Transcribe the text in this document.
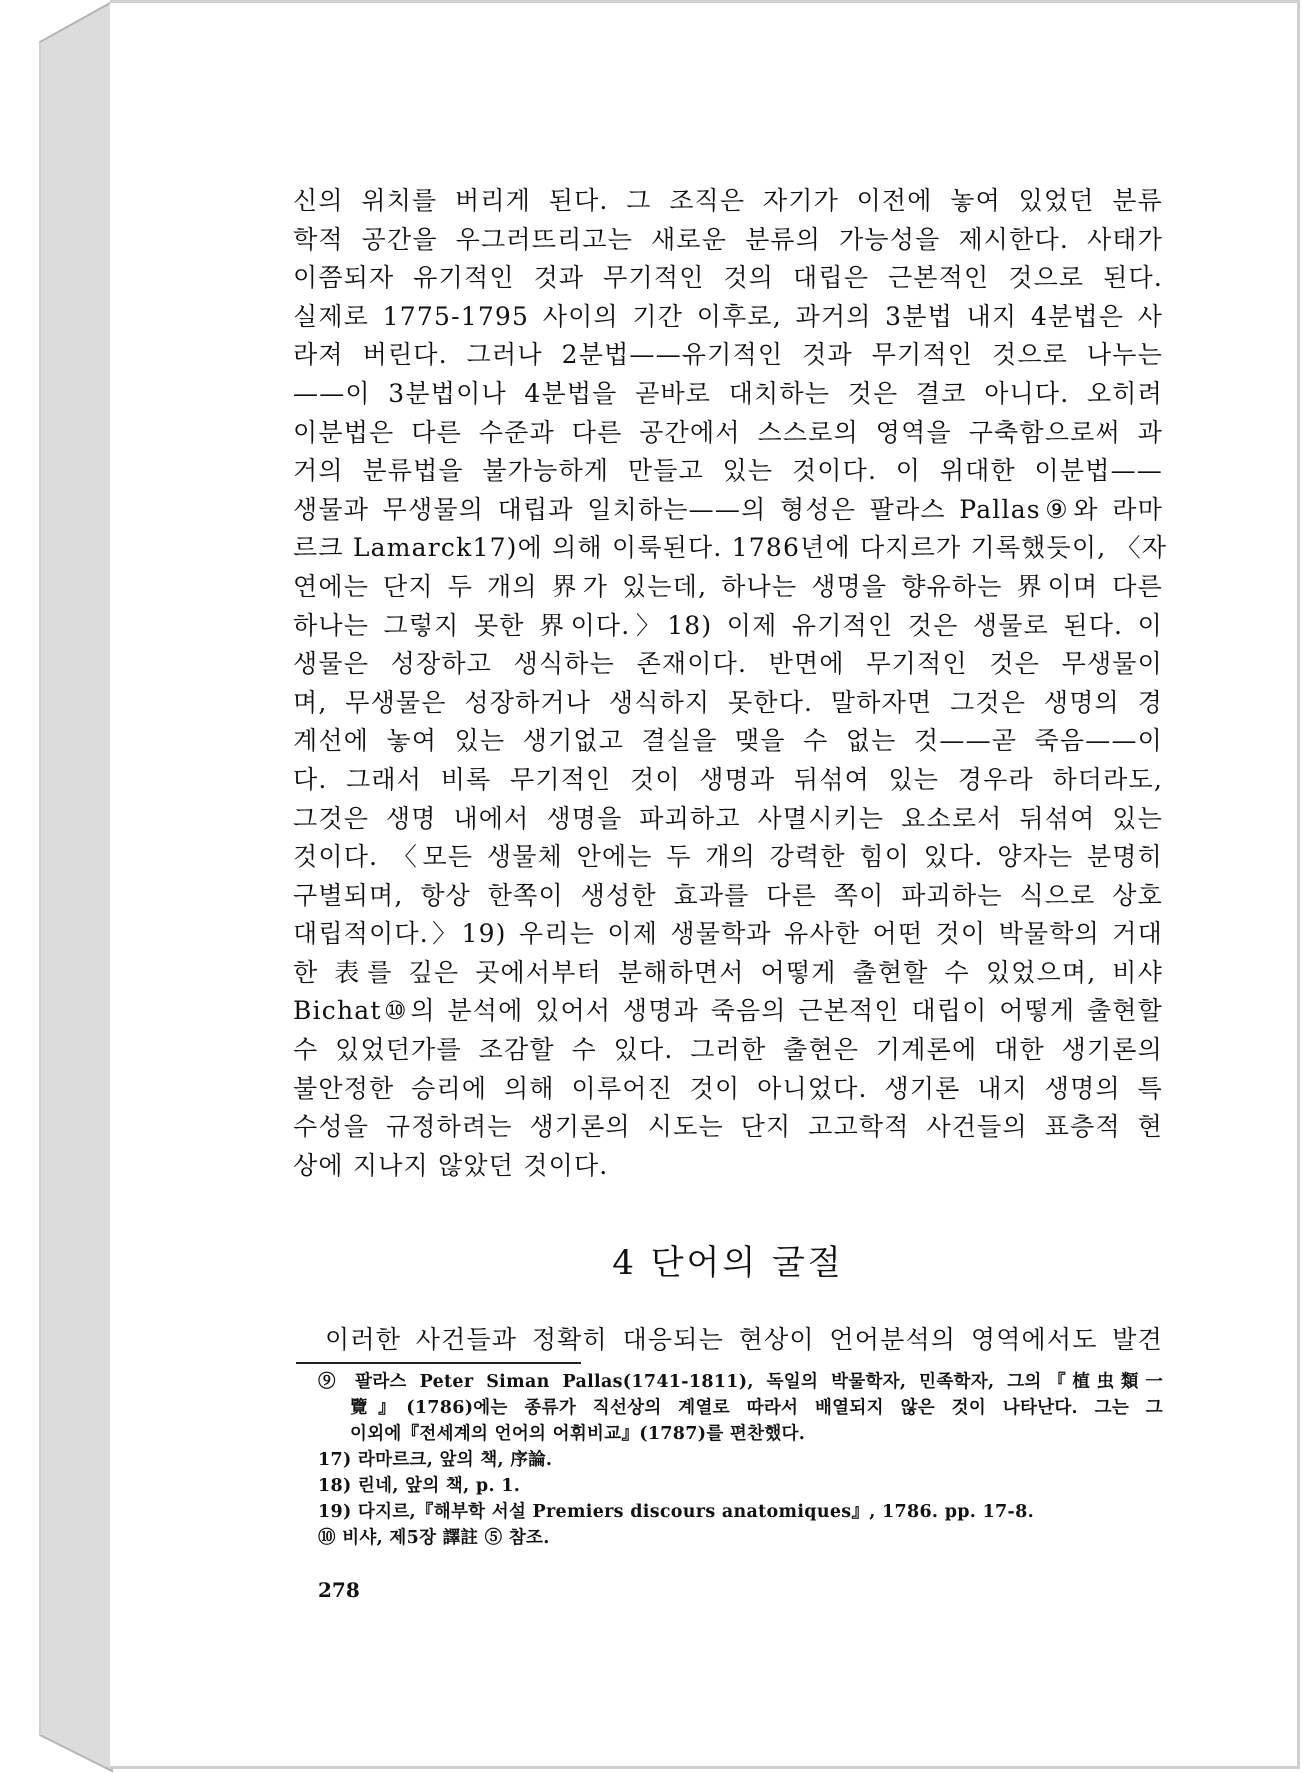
신의 위치를 버리게 된다. 그 조직은 자기가 이전에 놓여 있었던 분류
학적 공간을 우그러뜨리고는 새로운 분류의 가능성을 제시한다. 사태가
이쯤되자 유기적인 것과 무기적인 것의 대립은 근본적인 것으로 된다.
실제로 1775-1795 사이의 기간 이후로, 과거의 3분법 내지 4분법은 사
라져 버린다. 그러나 2분법——유기적인 것과 무기적인 것으로 나누는
——이 3분법이나 4분법을 곧바로 대치하는 것은 결코 아니다. 오히려
이분법은 다른 수준과 다른 공간에서 스스로의 영역을 구축함으로써 과
거의 분류법을 불가능하게 만들고 있는 것이다. 이 위대한 이분법——
생물과 무생물의 대립과 일치하는——의 형성은 팔라스 Pallas⑨와 라마
르크 Lamarck17)에 의해 이룩된다. 1786년에 다지르가 기록했듯이, 〈자
연에는 단지 두 개의 界가 있는데, 하나는 생명을 향유하는 界이며 다른
하나는 그렇지 못한 界이다.〉18) 이제 유기적인 것은 생물로 된다. 이
생물은 성장하고 생식하는 존재이다. 반면에 무기적인 것은 무생물이
며, 무생물은 성장하거나 생식하지 못한다. 말하자면 그것은 생명의 경
계선에 놓여 있는 생기없고 결실을 맺을 수 없는 것——곧 죽음——이
다. 그래서 비록 무기적인 것이 생명과 뒤섞여 있는 경우라 하더라도,
그것은 생명 내에서 생명을 파괴하고 사멸시키는 요소로서 뒤섞여 있는
것이다. 〈모든 생물체 안에는 두 개의 강력한 힘이 있다. 양자는 분명히
구별되며, 항상 한쪽이 생성한 효과를 다른 쪽이 파괴하는 식으로 상호
대립적이다.〉19) 우리는 이제 생물학과 유사한 어떤 것이 박물학의 거대
한 表를 깊은 곳에서부터 분해하면서 어떻게 출현할 수 있었으며, 비샤
Bichat⑩의 분석에 있어서 생명과 죽음의 근본적인 대립이 어떻게 출현할
수 있었던가를 조감할 수 있다. 그러한 출현은 기계론에 대한 생기론의
불안정한 승리에 의해 이루어진 것이 아니었다. 생기론 내지 생명의 특
수성을 규정하려는 생기론의 시도는 단지 고고학적 사건들의 표층적 현
상에 지나지 않았던 것이다.
4 단어의 굴절
이러한 사건들과 정확히 대응되는 현상이 언어분석의 영역에서도 발견
⑨ 팔라스 Peter Siman Pallas(1741-1811), 독일의 박물학자, 민족학자, 그의『植虫類一
覽』(1786)에는 종류가 직선상의 계열로 따라서 배열되지 않은 것이 나타난다. 그는 그
이외에『전세계의 언어의 어휘비교』(1787)를 편찬했다.
17) 라마르크, 앞의 책, 序論.
18) 린네, 앞의 책, p. 1.
19) 다지르,『해부학 서설 Premiers discours anatomiques』, 1786. pp. 17-8.
⑩ 비샤, 제5장 譯註 ⑤ 참조.
278
